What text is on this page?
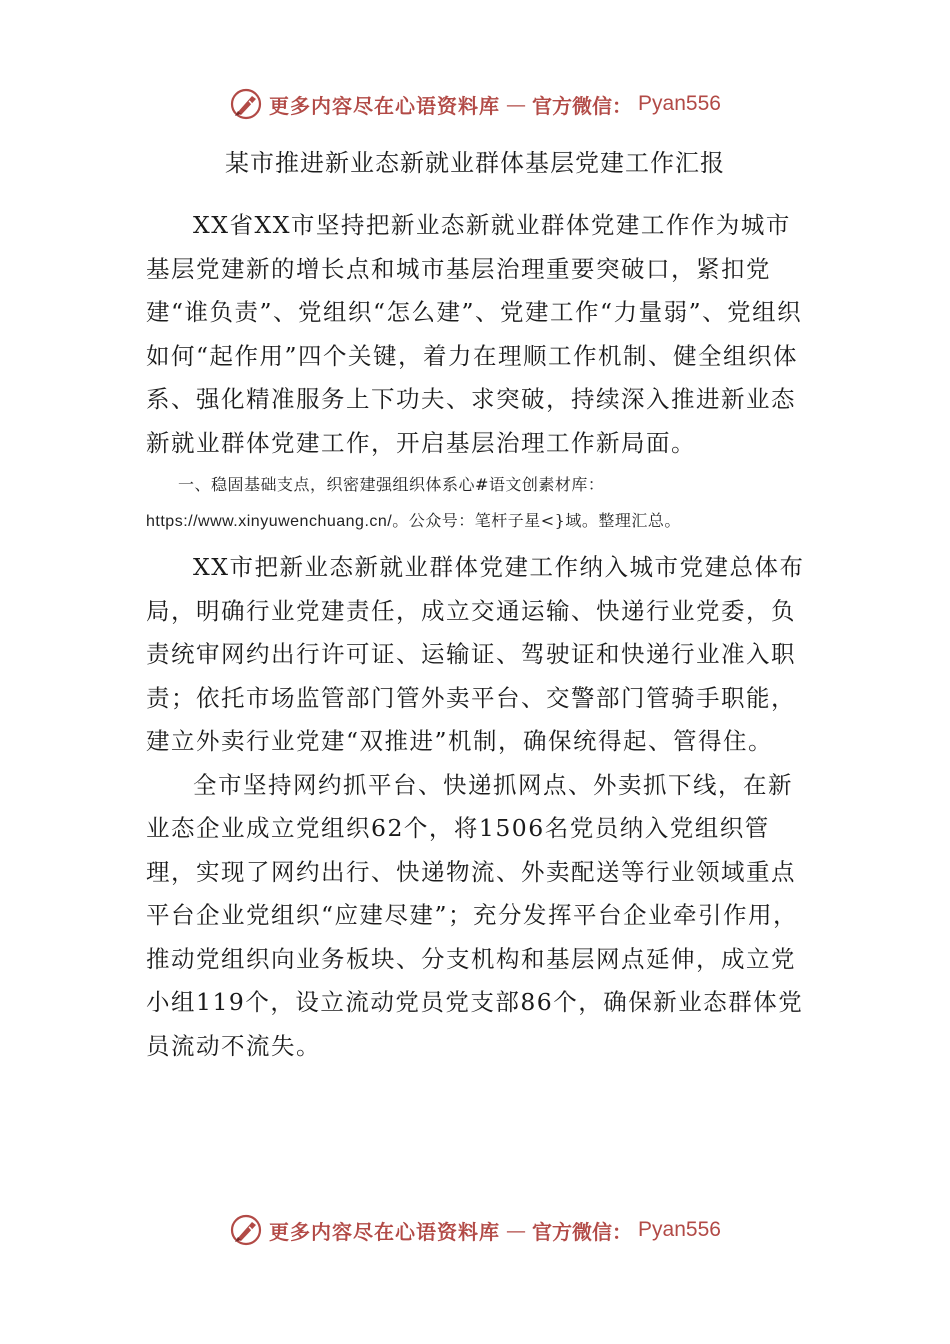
更多内容尽在心语资料库 — 官方微信： Pyan556
某市推进新业态新就业群体基层党建工作汇报

XX省XX市坚持把新业态新就业群体党建工作作为城市基层党建新的增长点和城市基层治理重要突破口，紧扣党建“谁负责”、党组织“怎么建”、党建工作“力量弱”、党组织如何“起作用”四个关键，着力在理顺工作机制、健全组织体系、强化精准服务上下功夫、求突破，持续深入推进新业态新就业群体党建工作，开启基层治理工作新局面。

一、稳固基础支点，织密建强组织体系心#语文创素材库：https://www.xinyuwenchuang.cn/。公众号：笔杆子星<}域。整理汇总。

XX市把新业态新就业群体党建工作纳入城市党建总体布局，明确行业党建责任，成立交通运输、快递行业党委，负责统审网约出行许可证、运输证、驾驶证和快递行业准入职责；依托市场监管部门管外卖平台、交警部门管骑手职能，建立外卖行业党建“双推进”机制，确保统得起、管得住。

全市坚持网约抓平台、快递抓网点、外卖抓下线，在新业态企业成立党组织62个，将1506名党员纳入党组织管理，实现了网约出行、快递物流、外卖配送等行业领域重点平台企业党组织“应建尽建”；充分发挥平台企业牵引作用，推动党组织向业务板块、分支机构和基层网点延伸，成立党小组119个，设立流动党员党支部86个，确保新业态群体党员流动不流失。

更多内容尽在心语资料库 — 官方微信： Pyan556
